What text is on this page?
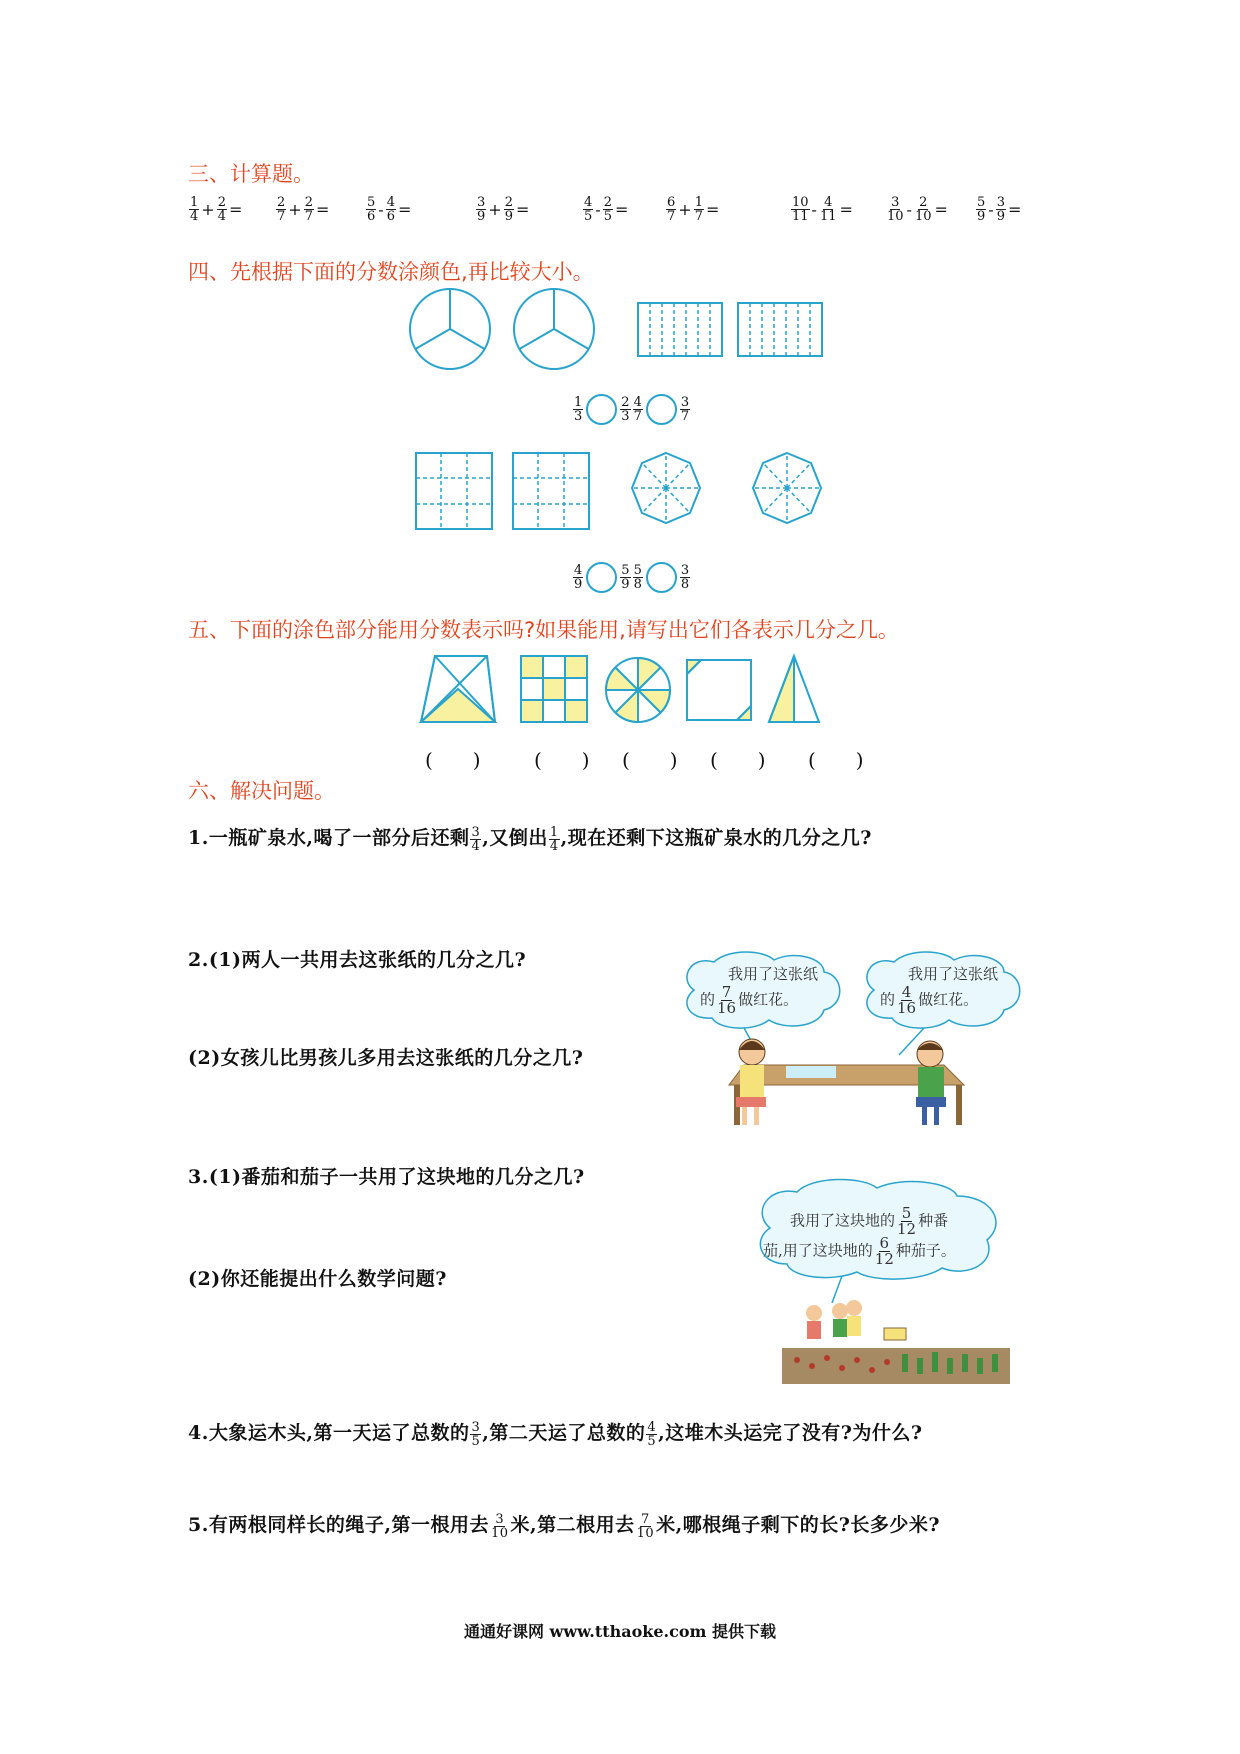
三、计算题。
四、先根据下面的分数涂颜色,再比较大小。
五、下面的涂色部分能用分数表示吗?如果能用,请写出它们各表示几分之几。
六、解决问题。
$\frac{1}{3}$	$\frac{2}{3} \frac{4}{7}$	$\frac{3}{7}$
$\frac{4}{9}$	$\frac{5}{9} \frac{5}{8}$	$\frac{3}{8}$
(　　)	(　　) (　　) (　　) (　　)
1.一瓶矿泉水,喝了一部分后还剩 $\frac{3}{4}$ ,又倒出 $\frac{1}{4}$ ,现在还剩下这瓶矿泉水的几分之几?
2.(1)两人一共用去这张纸的几分之几?
(2)女孩儿比男孩儿多用去这张纸的几分之几?
我用了这张纸
的 $\frac{7}{16}$ 做红花。
我用了这张纸
的 $\frac{4}{16}$ 做红花。
3.(1)番茄和茄子一共用了这块地的几分之几?
(2)你还能提出什么数学问题?
我用了这块地的 $\frac{5}{12}$ 种番
茄,用了这块地的 $\frac{6}{12}$ 种茄子。
4.大象运木头,第一天运了总数的 $\frac{3}{5}$ ,第二天运了总数的 $\frac{4}{5}$ ,这堆木头运完了没有?为什么?
5.有两根同样长的绳子,第一根用去 $\frac{3}{10}$ 米,第二根用去 $\frac{7}{10}$ 米,哪根绳子剩下的长?长多少米?
通通好课网 www.tthaoke.com 提供下载
$\frac{1}{4} + \frac{2}{4}$ =	$\frac{2}{7} + \frac{2}{7}$ =	$\frac{5}{6} - \frac{4}{6}$ =	$\frac{3}{9} + \frac{2}{9}$ =	$\frac{4}{5} - \frac{2}{5}$ =	$\frac{6}{7} + \frac{1}{7}$ =	$\frac{10}{11} - \frac{4}{11}$ =	$\frac{3}{10} - \frac{2}{10} = \frac{5}{9} - \frac{3}{9}$ =
